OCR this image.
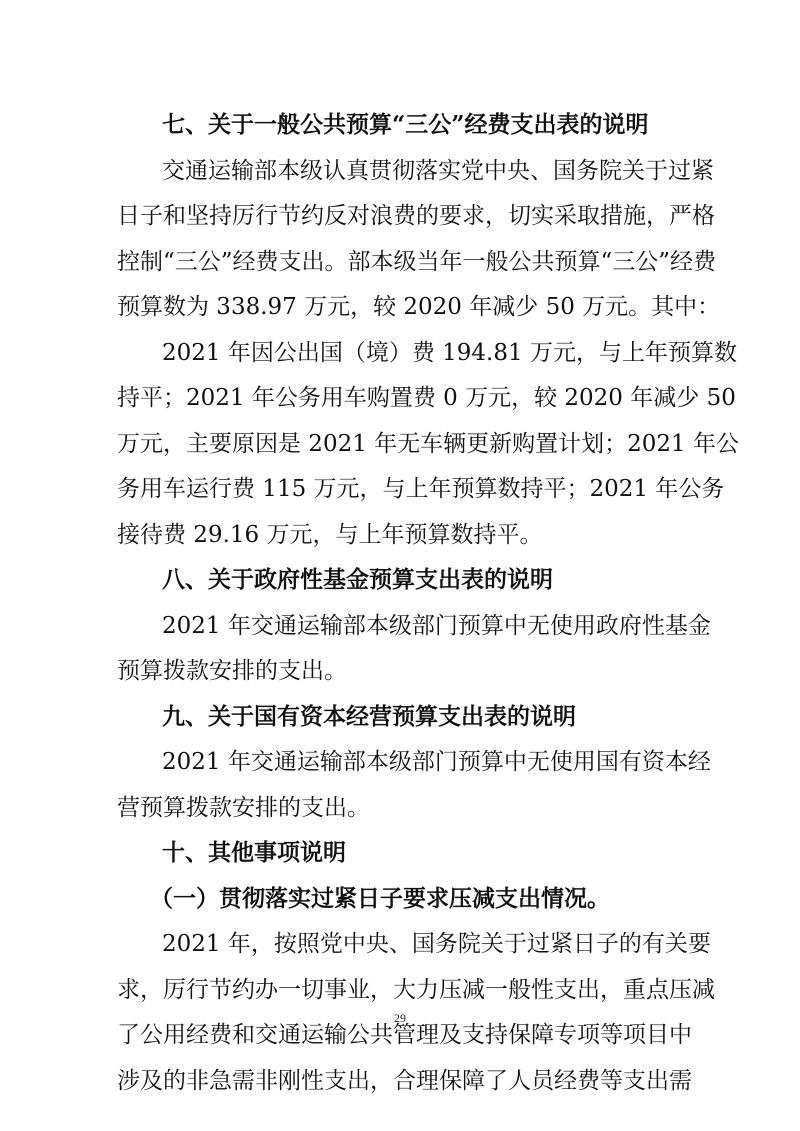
七、关于一般公共预算“三公”经费支出表的说明
交通运输部本级认真贯彻落实党中央、国务院关于过紧
日子和坚持厉行节约反对浪费的要求，切实采取措施，严格
控制“三公”经费支出。部本级当年一般公共预算“三公”经费
预算数为 338.97 万元，较 2020 年减少 50 万元。其中：
2021 年因公出国（境）费 194.81 万元，与上年预算数
持平；2021 年公务用车购置费 0 万元，较 2020 年减少 50
万元，主要原因是 2021 年无车辆更新购置计划；2021 年公
务用车运行费 115 万元，与上年预算数持平；2021 年公务
接待费 29.16 万元，与上年预算数持平。
八、关于政府性基金预算支出表的说明
2021 年交通运输部本级部门预算中无使用政府性基金
预算拨款安排的支出。
九、关于国有资本经营预算支出表的说明
2021 年交通运输部本级部门预算中无使用国有资本经
营预算拨款安排的支出。
十、其他事项说明
（一）贯彻落实过紧日子要求压减支出情况。
2021 年，按照党中央、国务院关于过紧日子的有关要
求，厉行节约办一切事业，大力压减一般性支出，重点压减
了公用经费和交通运输公共管理及支持保障专项等项目中
涉及的非急需非刚性支出，合理保障了人员经费等支出需
29
